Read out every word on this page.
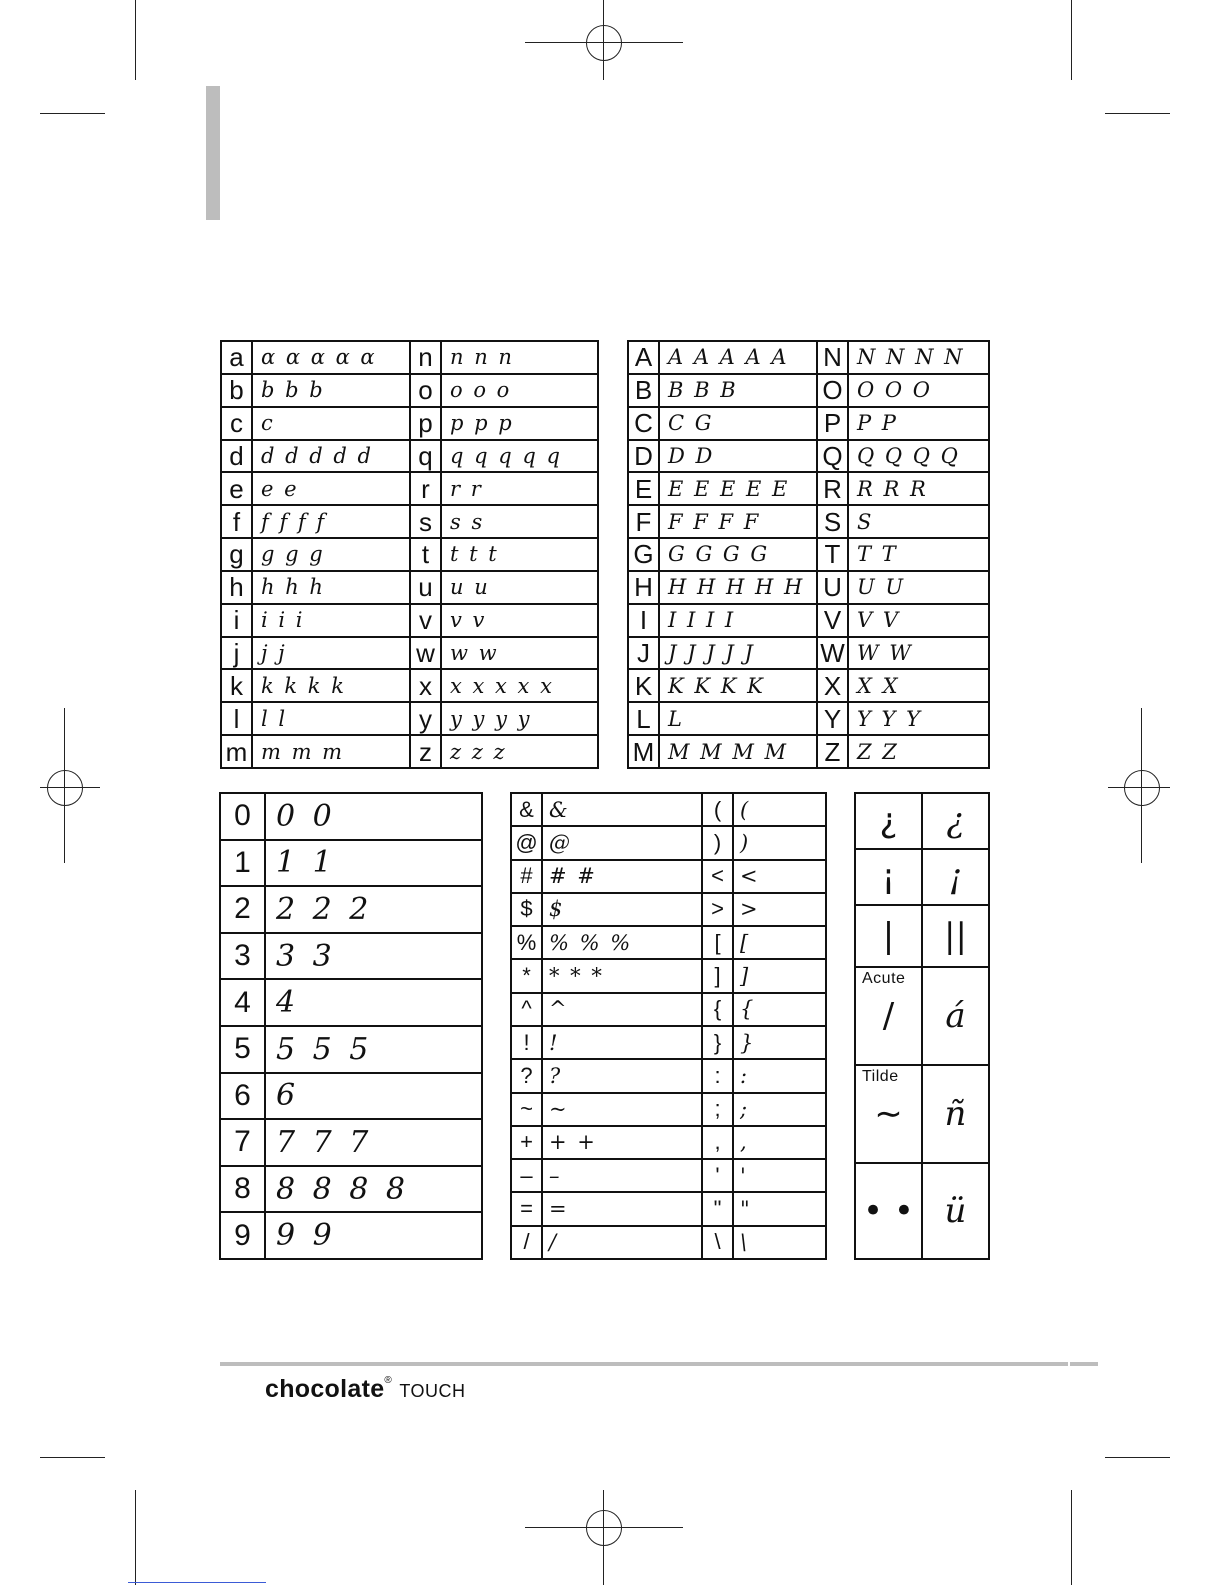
a	ɑ ɑ ɑ ɑ ɑ	n	n n n
b	b b b	o	o o o
c	c	p	p p p
d	d d d d d	q	q q q q q
e	e e	r	r r
f	f f f f	s	s s
g	g g g	t	t t t
h	h h h	u	u u
i	i i i	v	v v
j	j j	w	w w
k	k k k k	x	x x x x x
l	l l	y	y y y y
m	m m m	z	z z z
A	A A A A A	N	N N N N
B	B B B	O	O O O
C	C G	P	P P
D	D D	Q	Q Q Q Q
E	E E E E E	R	R R R
F	F F F F	S	S
G	G G G G	T	T T
H	H H H H H	U	U U
I	I I I I	V	V V
J	J J J J J	W	W W
K	K K K K	X	X X
L	L	Y	Y Y Y
M	M M M M	Z	Z Z
0	0 0
1	1 1
2	2 2 2
3	3 3
4	4
5	5 5 5
6	6
7	7 7 7
8	8 8 8 8
9	9 9
&	&	(	(
@	@	)	)
#	# #	<	<
$	$	>	>
%	% % %	[	[
*	* * *	]	]
^	^	{	{
!	!	}	}
?	?	:	:
~	~	;	;
+	+ +	,	,
–	–	'	'
=	=	"	"
/	/	\	\
¿	¿
¡	¡
|	||

Acute
/	á

Tilde
∼	ñ
• •	ü
chocolate® TOUCH
